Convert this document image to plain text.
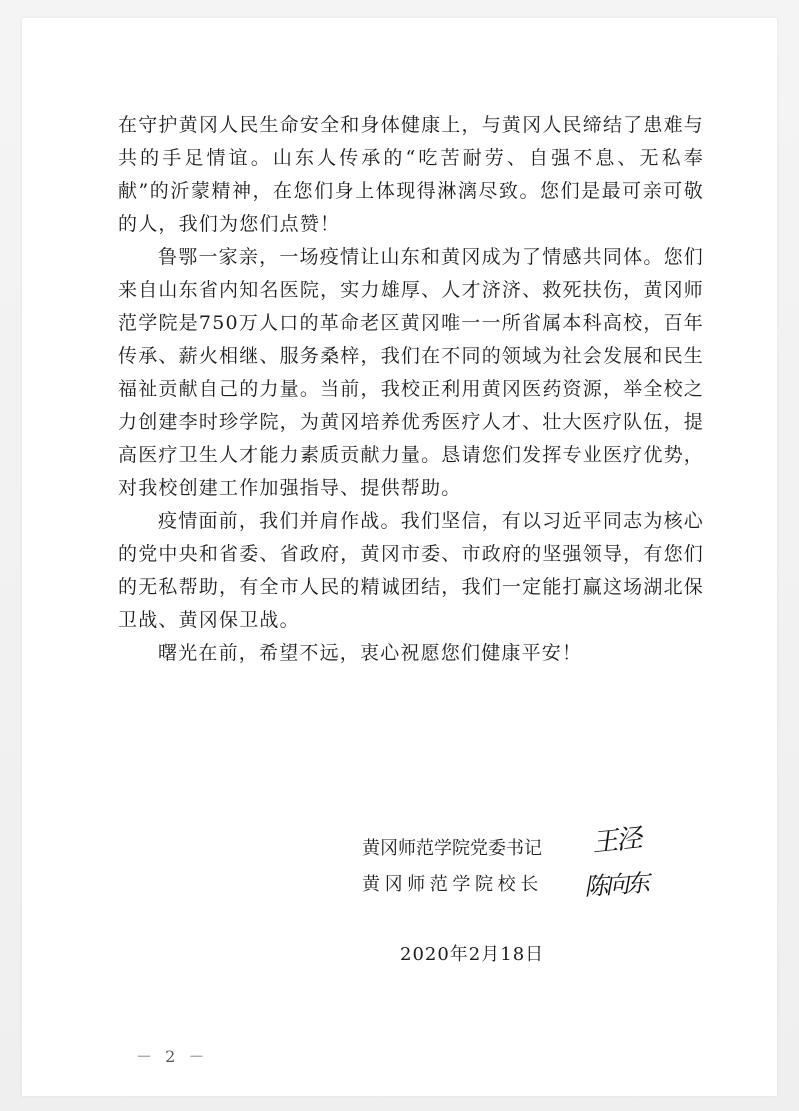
在守护黄冈人民生命安全和身体健康上，与黄冈人民缔结了患难与共的手足情谊。山东人传承的“吃苦耐劳、自强不息、无私奉献”的沂蒙精神，在您们身上体现得淋漓尽致。您们是最可亲可敬的人，我们为您们点赞！

鲁鄂一家亲，一场疫情让山东和黄冈成为了情感共同体。您们来自山东省内知名医院，实力雄厚、人才济济、救死扶伤，黄冈师范学院是750万人口的革命老区黄冈唯一一所省属本科高校，百年传承、薪火相继、服务桑梓，我们在不同的领域为社会发展和民生福祉贡献自己的力量。当前，我校正利用黄冈医药资源，举全校之力创建李时珍学院，为黄冈培养优秀医疗人才、壮大医疗队伍，提高医疗卫生人才能力素质贡献力量。恳请您们发挥专业医疗优势，对我校创建工作加强指导、提供帮助。

疫情面前，我们并肩作战。我们坚信，有以习近平同志为核心的党中央和省委、省政府，黄冈市委、市政府的坚强领导，有您们的无私帮助，有全市人民的精诚团结，我们一定能打赢这场湖北保卫战、黄冈保卫战。

曙光在前，希望不远，衷心祝愿您们健康平安！

黄冈师范学院党委书记 王泾
黄冈师范学院校长 陈向东
2020年2月18日
－ 2 －
